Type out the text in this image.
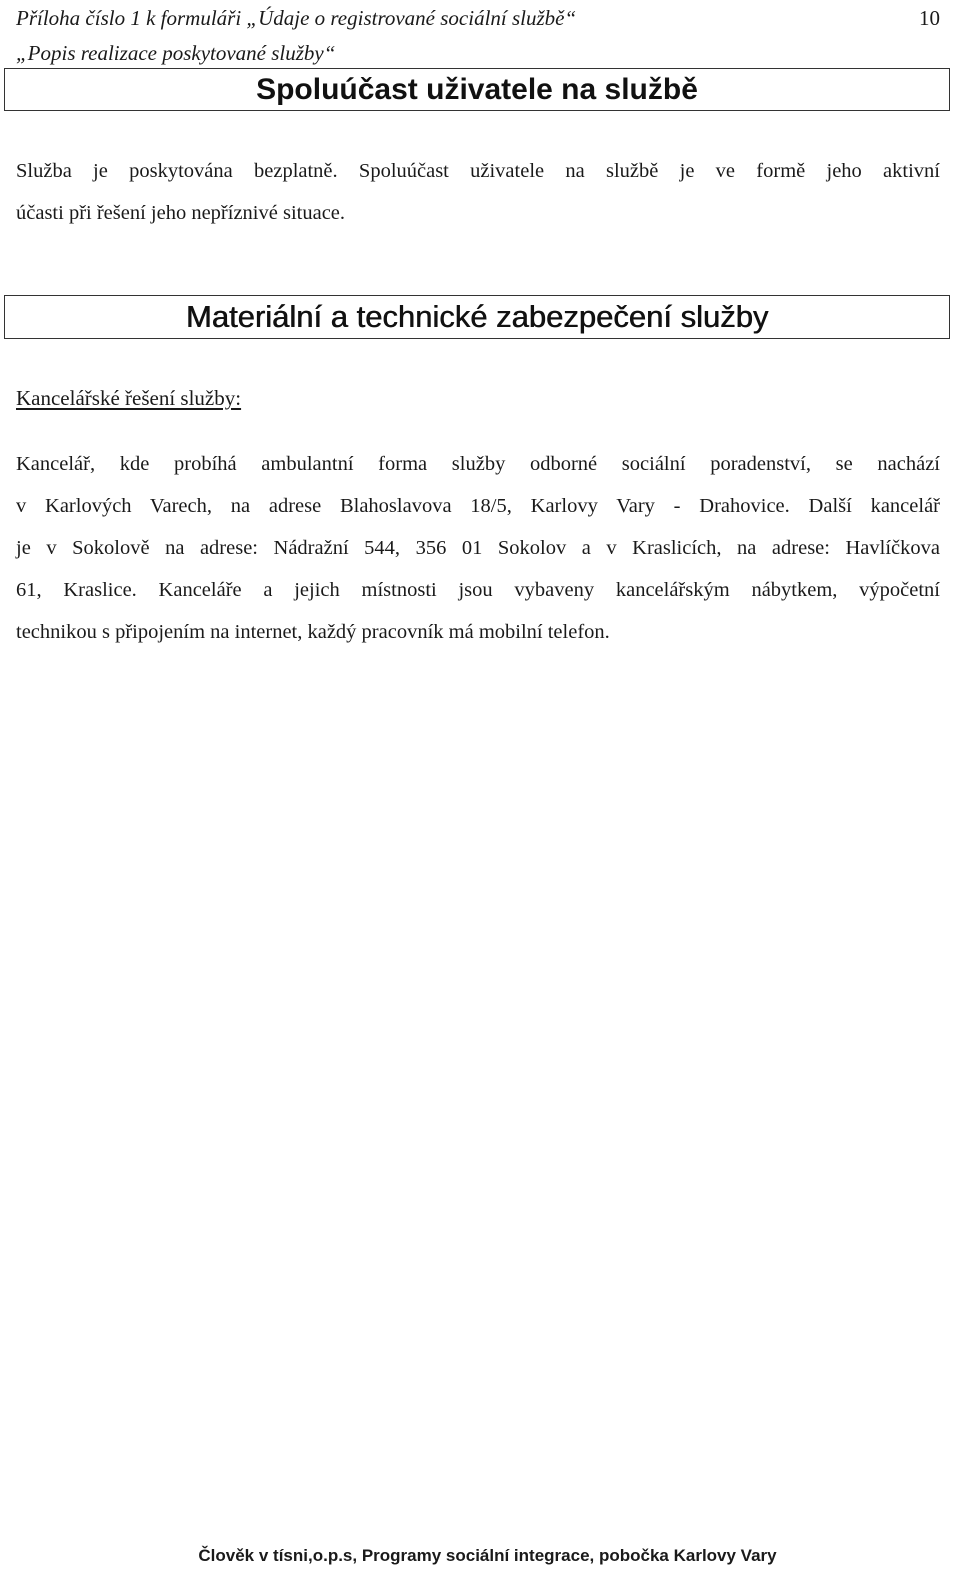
Příloha číslo 1 k formuláři „Údaje o registrované sociální službě“
„Popis realizace poskytované služby“
10
Spoluúčast uživatele na službě
Služba je poskytována bezplatně. Spoluúčast uživatele na službě je ve formě jeho aktivní
účasti při řešení jeho nepříznivé situace.
Materiální a technické zabezpečení služby
Kancelářské řešení služby:
Kancelář, kde probíhá ambulantní forma služby odborné sociální poradenství, se nachází
v Karlových Varech, na adrese Blahoslavova 18/5, Karlovy Vary - Drahovice. Další kancelář
je v Sokolově na adrese: Nádražní 544, 356 01 Sokolov a v Kraslicích, na adrese: Havlíčkova
61, Kraslice. Kanceláře a jejich místnosti jsou vybaveny kancelářským nábytkem, výpočetní
technikou s připojením na internet, každý pracovník má mobilní telefon.
Člověk v tísni,o.p.s, Programy sociální integrace, pobočka Karlovy Vary
